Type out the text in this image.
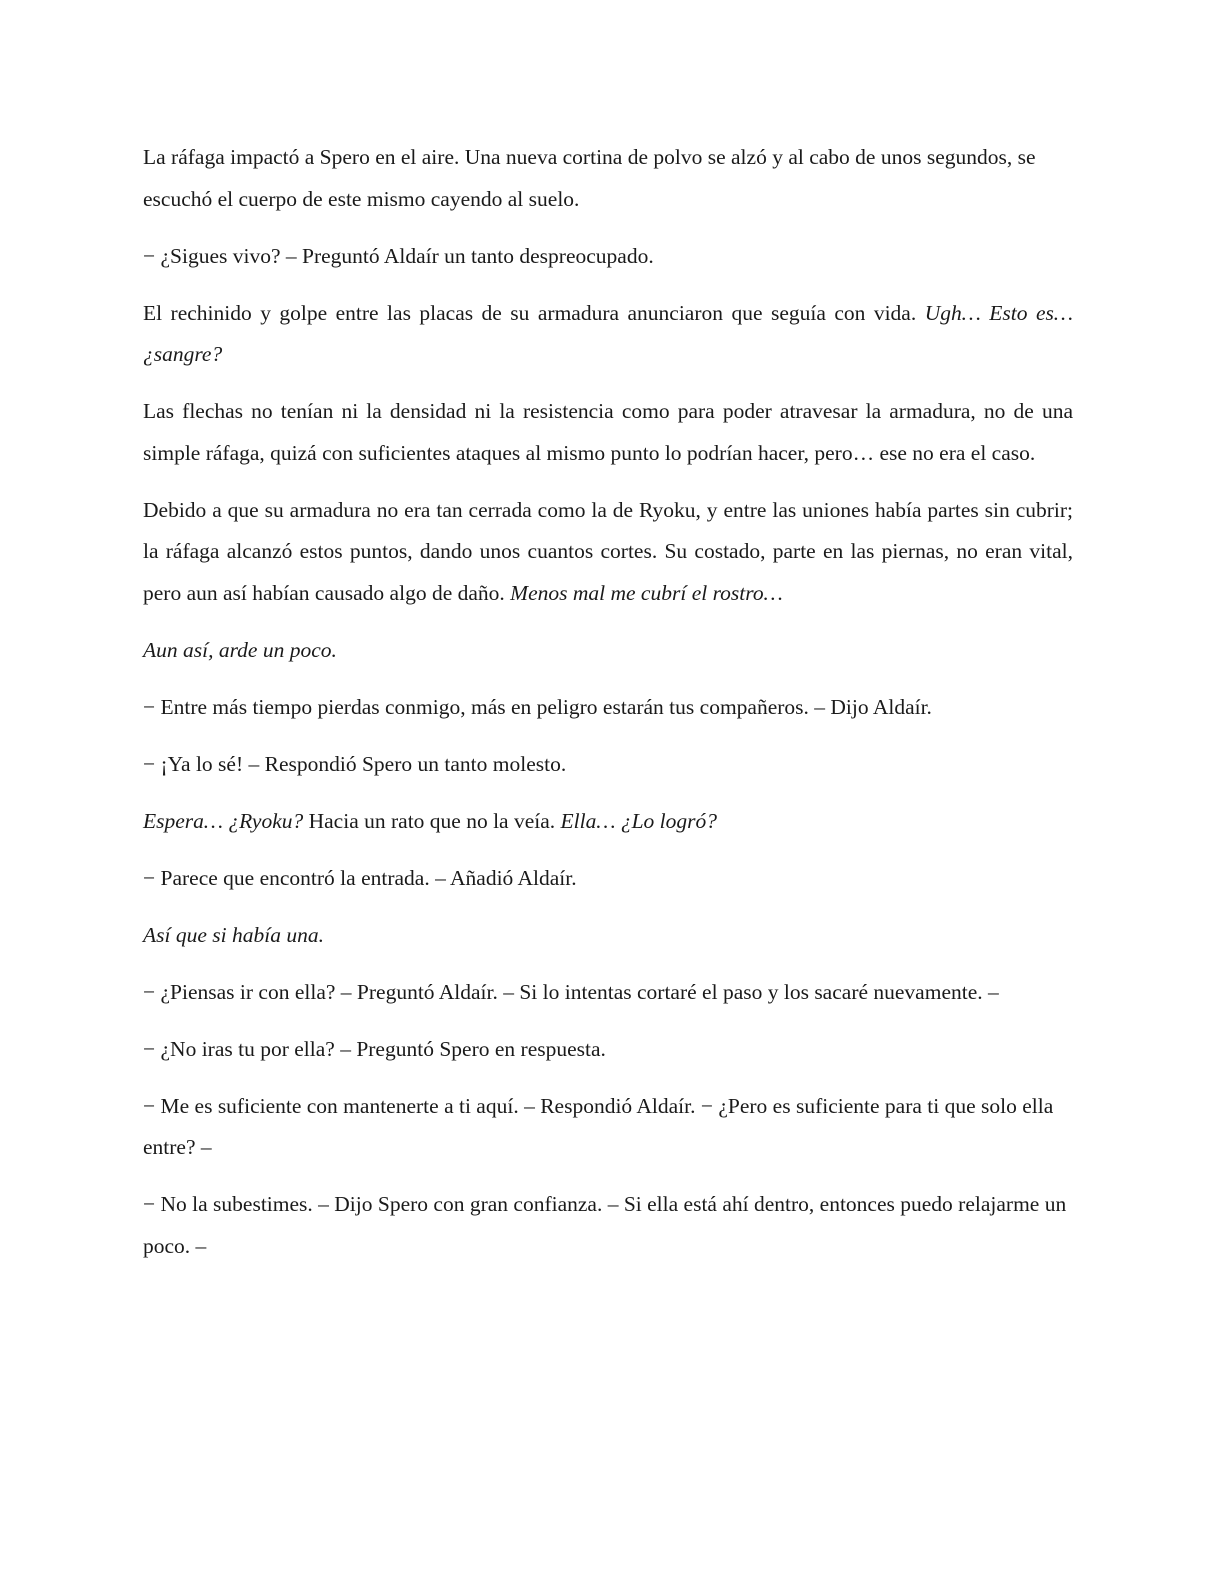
La ráfaga impactó a Spero en el aire. Una nueva cortina de polvo se alzó y al cabo de unos segundos, se escuchó el cuerpo de este mismo cayendo al suelo.

− ¿Sigues vivo? – Preguntó Aldaír un tanto despreocupado.

El rechinido y golpe entre las placas de su armadura anunciaron que seguía con vida. Ugh… Esto es… ¿sangre?

Las flechas no tenían ni la densidad ni la resistencia como para poder atravesar la armadura, no de una simple ráfaga, quizá con suficientes ataques al mismo punto lo podrían hacer, pero… ese no era el caso.

Debido a que su armadura no era tan cerrada como la de Ryoku, y entre las uniones había partes sin cubrir; la ráfaga alcanzó estos puntos, dando unos cuantos cortes. Su costado, parte en las piernas, no eran vital, pero aun así habían causado algo de daño. Menos mal me cubrí el rostro…

Aun así, arde un poco.

− Entre más tiempo pierdas conmigo, más en peligro estarán tus compañeros. – Dijo Aldaír.

− ¡Ya lo sé! – Respondió Spero un tanto molesto.

Espera… ¿Ryoku? Hacia un rato que no la veía. Ella… ¿Lo logró?

− Parece que encontró la entrada. – Añadió Aldaír.

Así que si había una.

− ¿Piensas ir con ella? – Preguntó Aldaír. – Si lo intentas cortaré el paso y los sacaré nuevamente. –

− ¿No iras tu por ella? – Preguntó Spero en respuesta.

− Me es suficiente con mantenerte a ti aquí. – Respondió Aldaír. − ¿Pero es suficiente para ti que solo ella entre? –

− No la subestimes. – Dijo Spero con gran confianza. – Si ella está ahí dentro, entonces puedo relajarme un poco. –
